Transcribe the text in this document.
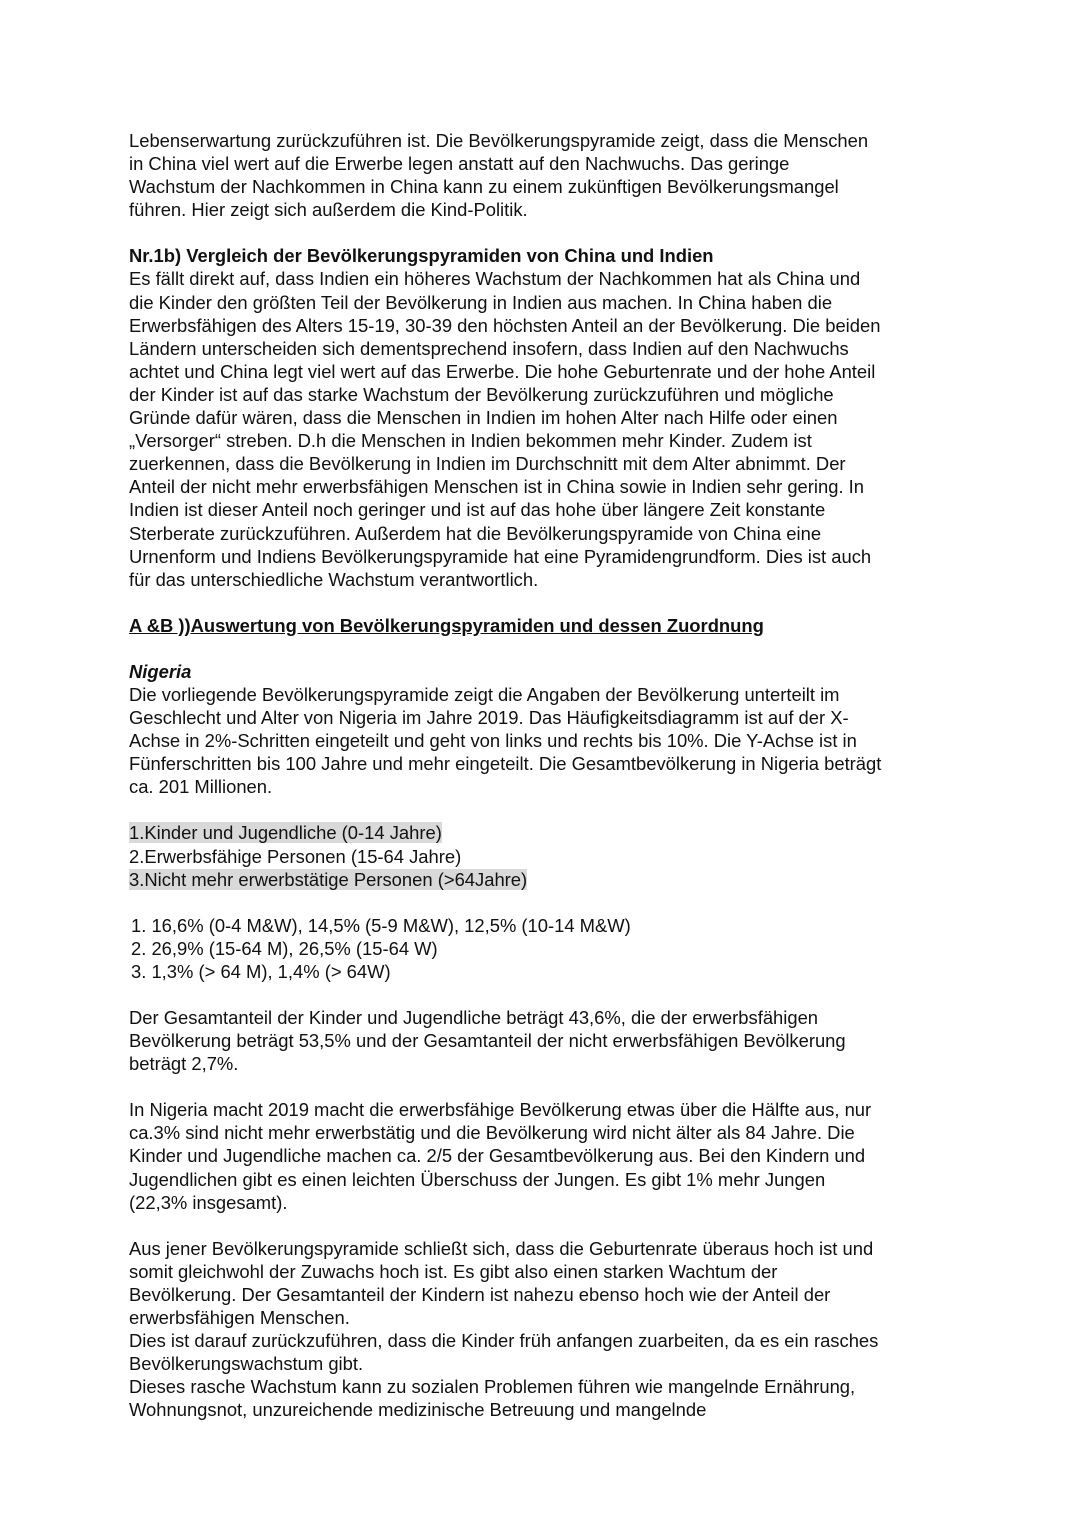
Lebenserwartung zurückzuführen ist. Die Bevölkerungspyramide zeigt, dass die Menschen

in China viel wert auf die Erwerbe legen anstatt auf den Nachwuchs. Das geringe

Wachstum der Nachkommen in China kann zu einem zukünftigen Bevölkerungsmangel

führen. Hier zeigt sich außerdem die Kind-Politik.

Nr.1b) Vergleich der Bevölkerungspyramiden von China und Indien

Es fällt direkt auf, dass Indien ein höheres Wachstum der Nachkommen hat als China und

die Kinder den größten Teil der Bevölkerung in Indien aus machen. In China haben die

Erwerbsfähigen des Alters 15-19, 30-39 den höchsten Anteil an der Bevölkerung. Die beiden

Ländern unterscheiden sich dementsprechend insofern, dass Indien auf den Nachwuchs

achtet und China legt viel wert auf das Erwerbe. Die hohe Geburtenrate und der hohe Anteil

der Kinder ist auf das starke Wachstum der Bevölkerung zurückzuführen und mögliche

Gründe dafür wären, dass die Menschen in Indien im hohen Alter nach Hilfe oder einen

„Versorger“ streben. D.h die Menschen in Indien bekommen mehr Kinder. Zudem ist

zuerkennen, dass die Bevölkerung in Indien im Durchschnitt mit dem Alter abnimmt. Der

Anteil der nicht mehr erwerbsfähigen Menschen ist in China sowie in Indien sehr gering. In

Indien ist dieser Anteil noch geringer und ist auf das hohe über längere Zeit konstante

Sterberate zurückzuführen. Außerdem hat die Bevölkerungspyramide von China eine

Urnenform und Indiens Bevölkerungspyramide hat eine Pyramidengrundform. Dies ist auch

für das unterschiedliche Wachstum verantwortlich.

A &B ))Auswertung von Bevölkerungspyramiden und dessen Zuordnung

Nigeria

Die vorliegende Bevölkerungspyramide zeigt die Angaben der Bevölkerung unterteilt im

Geschlecht und Alter von Nigeria im Jahre 2019. Das Häufigkeitsdiagramm ist auf der X-

Achse in 2%-Schritten eingeteilt und geht von links und rechts bis 10%. Die Y-Achse ist in

Fünferschritten bis 100 Jahre und mehr eingeteilt. Die Gesamtbevölkerung in Nigeria beträgt

ca. 201 Millionen.

1.Kinder und Jugendliche (0-14 Jahre)

2.Erwerbsfähige Personen (15-64 Jahre)

3.Nicht mehr erwerbstätige Personen (>64Jahre)

1. 16,6% (0-4 M&W), 14,5% (5-9 M&W), 12,5% (10-14 M&W)

2. 26,9% (15-64 M), 26,5% (15-64 W)

3. 1,3% (> 64 M), 1,4% (> 64W)

Der Gesamtanteil der Kinder und Jugendliche beträgt 43,6%, die der erwerbsfähigen

Bevölkerung beträgt 53,5% und der Gesamtanteil der nicht erwerbsfähigen Bevölkerung

beträgt 2,7%.

In Nigeria macht 2019 macht die erwerbsfähige Bevölkerung etwas über die Hälfte aus, nur

ca.3% sind nicht mehr erwerbstätig und die Bevölkerung wird nicht älter als 84 Jahre. Die

Kinder und Jugendliche machen ca. 2/5 der Gesamtbevölkerung aus. Bei den Kindern und

Jugendlichen gibt es einen leichten Überschuss der Jungen. Es gibt 1% mehr Jungen

(22,3% insgesamt).

Aus jener Bevölkerungspyramide schließt sich, dass die Geburtenrate überaus hoch ist und

somit gleichwohl der Zuwachs hoch ist. Es gibt also einen starken Wachtum der

Bevölkerung. Der Gesamtanteil der Kindern ist nahezu ebenso hoch wie der Anteil der

erwerbsfähigen Menschen.

Dies ist darauf zurückzuführen, dass die Kinder früh anfangen zuarbeiten, da es ein rasches

Bevölkerungswachstum gibt.

Dieses rasche Wachstum kann zu sozialen Problemen führen wie mangelnde Ernährung,

Wohnungsnot, unzureichende medizinische Betreuung und mangelnde
